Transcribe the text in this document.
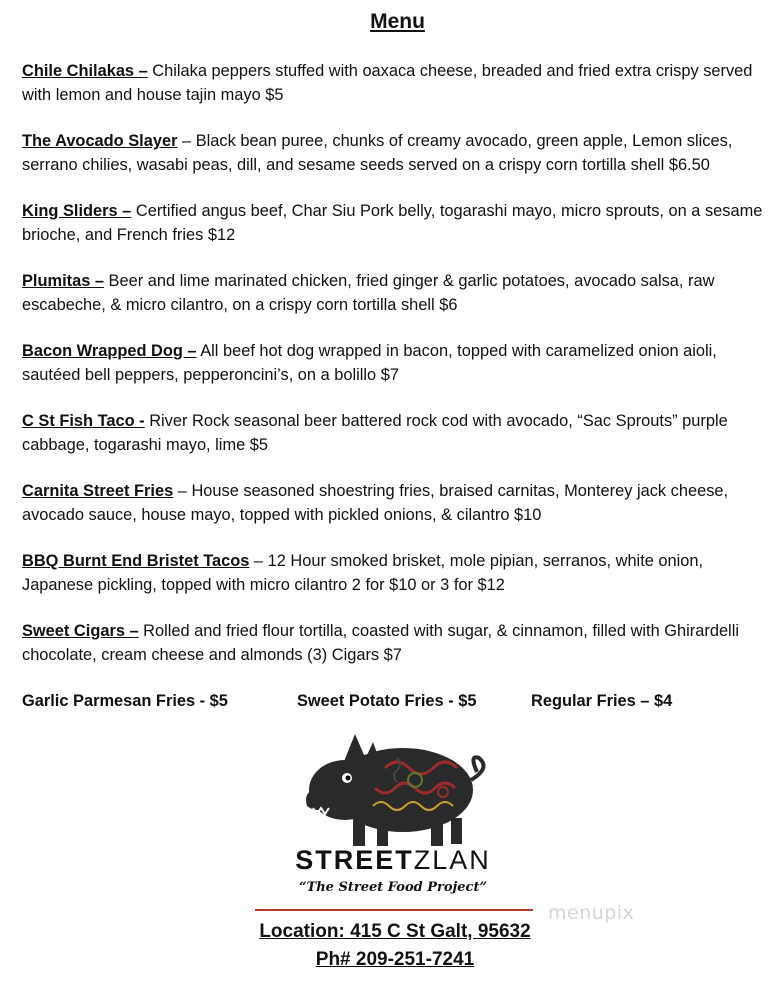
Menu

Chile Chilakas – Chilaka peppers stuffed with oaxaca cheese, breaded and fried extra crispy served with lemon and house tajin mayo $5

The Avocado Slayer – Black bean puree, chunks of creamy avocado, green apple, Lemon slices, serrano chilies, wasabi peas, dill, and sesame seeds served on a crispy corn tortilla shell $6.50

King Sliders – Certified angus beef, Char Siu Pork belly, togarashi mayo, micro sprouts, on a sesame brioche, and French fries $12

Plumitas – Beer and lime marinated chicken, fried ginger & garlic potatoes, avocado salsa, raw escabeche, & micro cilantro, on a crispy corn tortilla shell $6

Bacon Wrapped Dog – All beef hot dog wrapped in bacon, topped with caramelized onion aioli, sautéed bell peppers, pepperoncini’s, on a bolillo $7

C St Fish Taco - River Rock seasonal beer battered rock cod with avocado, “Sac Sprouts” purple cabbage, togarashi mayo, lime $5

Carnita Street Fries – House seasoned shoestring fries, braised carnitas, Monterey jack cheese, avocado sauce, house mayo, topped with pickled onions, & cilantro $10

BBQ Burnt End Bristet Tacos – 12 Hour smoked brisket, mole pipian, serranos, white onion, Japanese pickling, topped with micro cilantro 2 for $10 or 3 for $12

Sweet Cigars – Rolled and fried flour tortilla, coasted with sugar, & cinnamon, filled with Ghirardelli chocolate, cream cheese and almonds (3) Cigars $7

Garlic Parmesan Fries - $5	Sweet Potato Fries - $5	Regular Fries – $4
STREETZLAN
“The Street Food Project”
menupix
Location: 415 C St Galt, 95632
Ph# 209-251-7241
